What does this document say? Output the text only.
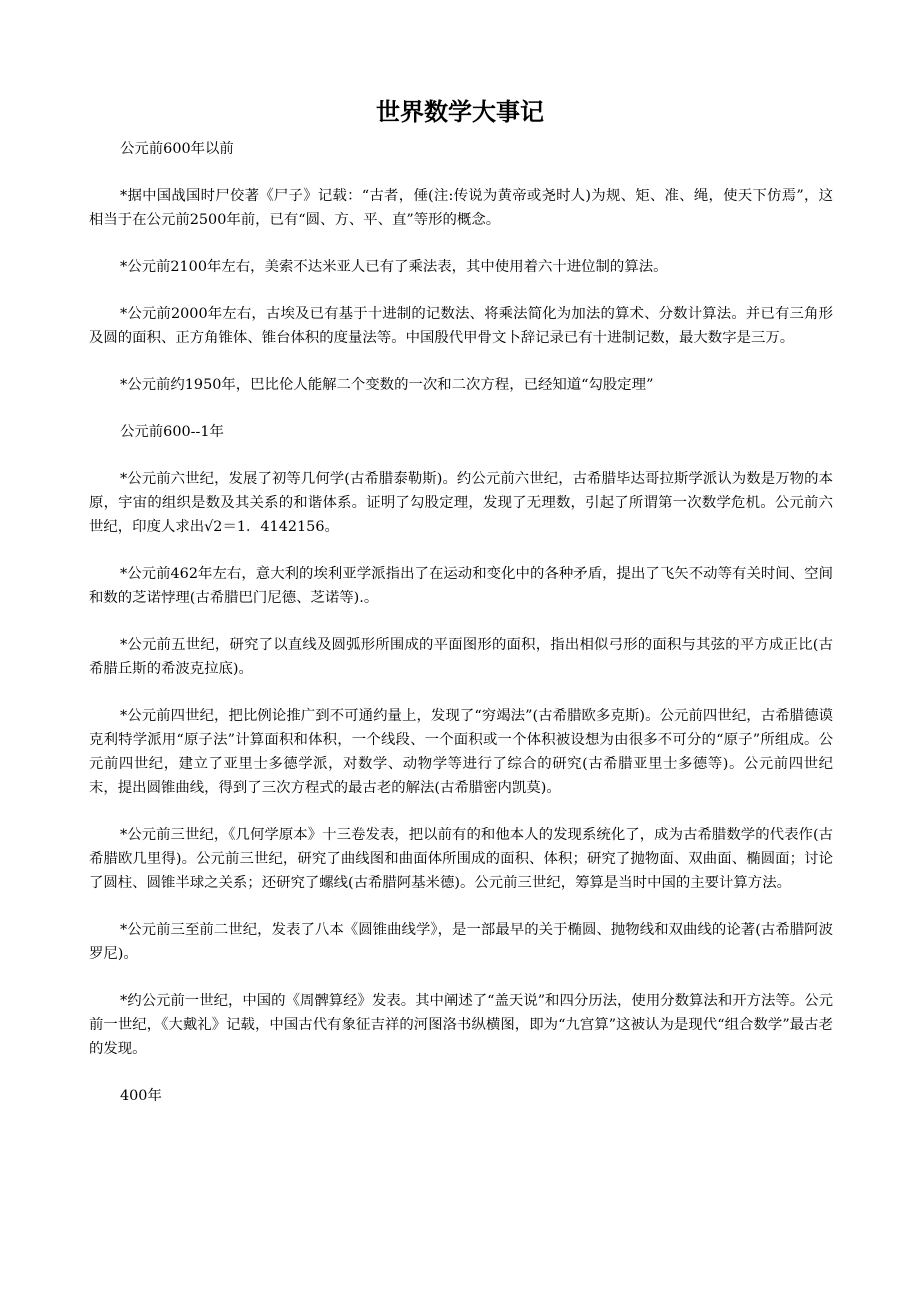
世界数学大事记

公元前600年以前

*据中国战国时尸佼著《尸子》记载：“古者，倕(注:传说为黄帝或尧时人)为规、矩、准、绳，使天下仿焉”，这相当于在公元前2500年前，已有“圆、方、平、直”等形的概念。

*公元前2100年左右，美索不达米亚人已有了乘法表，其中使用着六十进位制的算法。

*公元前2000年左右，古埃及已有基于十进制的记数法、将乘法简化为加法的算术、分数计算法。并已有三角形及圆的面积、正方角锥体、锥台体积的度量法等。中国殷代甲骨文卜辞记录已有十进制记数，最大数字是三万。

*公元前约1950年，巴比伦人能解二个变数的一次和二次方程，已经知道“勾股定理”

公元前600--1年

*公元前六世纪，发展了初等几何学(古希腊泰勒斯)。约公元前六世纪，古希腊毕达哥拉斯学派认为数是万物的本原，宇宙的组织是数及其关系的和谐体系。证明了勾股定理，发现了无理数，引起了所谓第一次数学危机。公元前六世纪，印度人求出√2＝1．4142156。

*公元前462年左右，意大利的埃利亚学派指出了在运动和变化中的各种矛盾，提出了飞矢不动等有关时间、空间和数的芝诺悖理(古希腊巴门尼德、芝诺等).。

*公元前五世纪，研究了以直线及圆弧形所围成的平面图形的面积，指出相似弓形的面积与其弦的平方成正比(古希腊丘斯的希波克拉底)。

*公元前四世纪，把比例论推广到不可通约量上，发现了“穷竭法”(古希腊欧多克斯)。公元前四世纪，古希腊德谟克利特学派用“原子法”计算面积和体积，一个线段、一个面积或一个体积被设想为由很多不可分的“原子”所组成。公元前四世纪，建立了亚里士多德学派，对数学、动物学等进行了综合的研究(古希腊亚里士多德等)。公元前四世纪末，提出圆锥曲线，得到了三次方程式的最古老的解法(古希腊密内凯莫)。

*公元前三世纪，《几何学原本》十三卷发表，把以前有的和他本人的发现系统化了，成为古希腊数学的代表作(古希腊欧几里得)。公元前三世纪，研究了曲线图和曲面体所围成的面积、体积；研究了抛物面、双曲面、椭圆面；讨论了圆柱、圆锥半球之关系；还研究了螺线(古希腊阿基米德)。公元前三世纪，筹算是当时中国的主要计算方法。

*公元前三至前二世纪，发表了八本《圆锥曲线学》，是一部最早的关于椭圆、抛物线和双曲线的论著(古希腊阿波罗尼)。

*约公元前一世纪，中国的《周髀算经》发表。其中阐述了“盖天说”和四分历法，使用分数算法和开方法等。公元前一世纪，《大戴礼》记载，中国古代有象征吉祥的河图洛书纵横图，即为“九宫算”这被认为是现代“组合数学”最古老的发现。

400年
